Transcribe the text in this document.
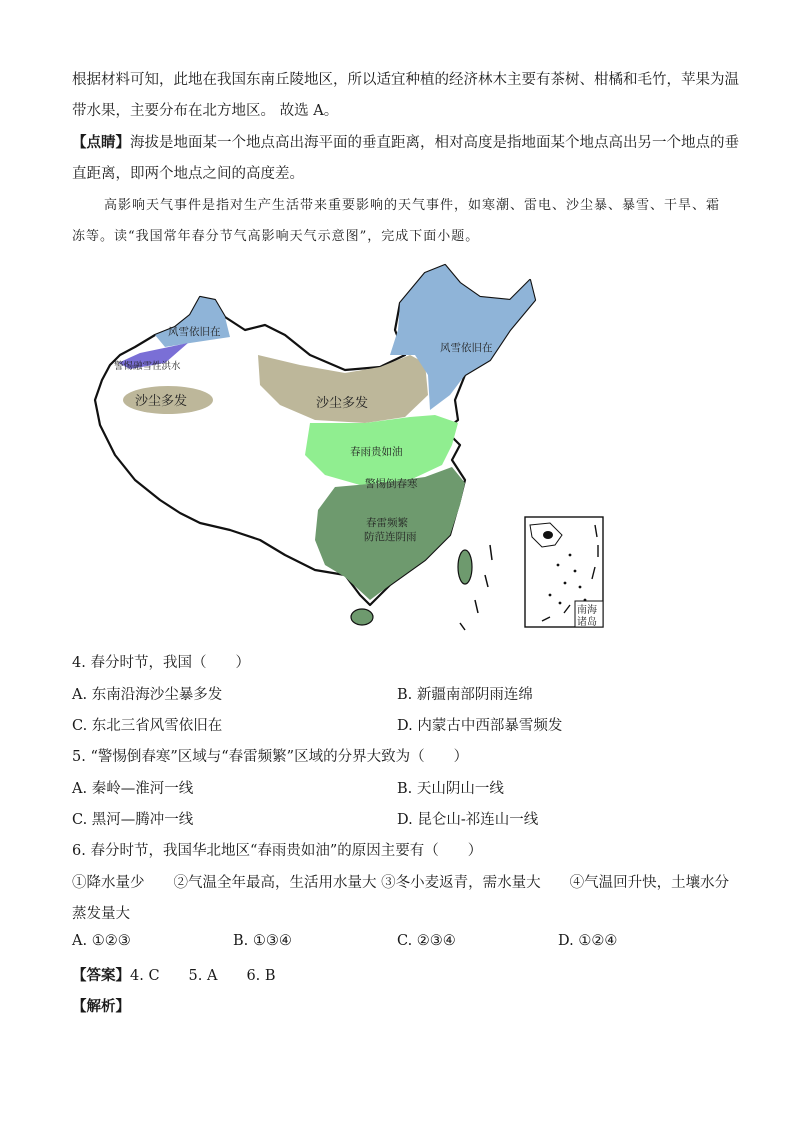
根据材料可知，此地在我国东南丘陵地区，所以适宜种植的经济林木主要有茶树、柑橘和毛竹，苹果为温
带水果，主要分布在北方地区。 故选 A。
【点睛】海拔是地面某一个地点高出海平面的垂直距离，相对高度是指地面某个地点高出另一个地点的垂
直距离，即两个地点之间的高度差。
高影响天气事件是指对生产生活带来重要影响的天气事件，如寒潮、雷电、沙尘暴、暴雪、干旱、霜
冻等。读“我国常年春分节气高影响天气示意图”，完成下面小题。
风雪依旧在
警惕融雪性洪水
沙尘多发	沙尘多发
风雪依旧在
春雨贵如油
警惕倒春寒
春雷频繁
防范连阴雨
南海
诸岛
4. 春分时节，我国（　　）
A. 东南沿海沙尘暴多发	B. 新疆南部阴雨连绵
C. 东北三省风雪依旧在	D. 内蒙古中西部暴雪频发
5. “警惕倒春寒”区域与“春雷频繁”区域的分界大致为（　　）
A. 秦岭—淮河一线	B. 天山阴山一线
C. 黑河—腾冲一线	D. 昆仑山-祁连山一线
6. 春分时节，我国华北地区“春雨贵如油”的原因主要有（　　）
①降水量少　　②气温全年最高，生活用水量大 ③冬小麦返青，需水量大　　④气温回升快，土壤水分
蒸发量大
A. ①②③	B. ①③④	C. ②③④	D. ①②④
【答案】4. C　　5. A　　6. B
【解析】
